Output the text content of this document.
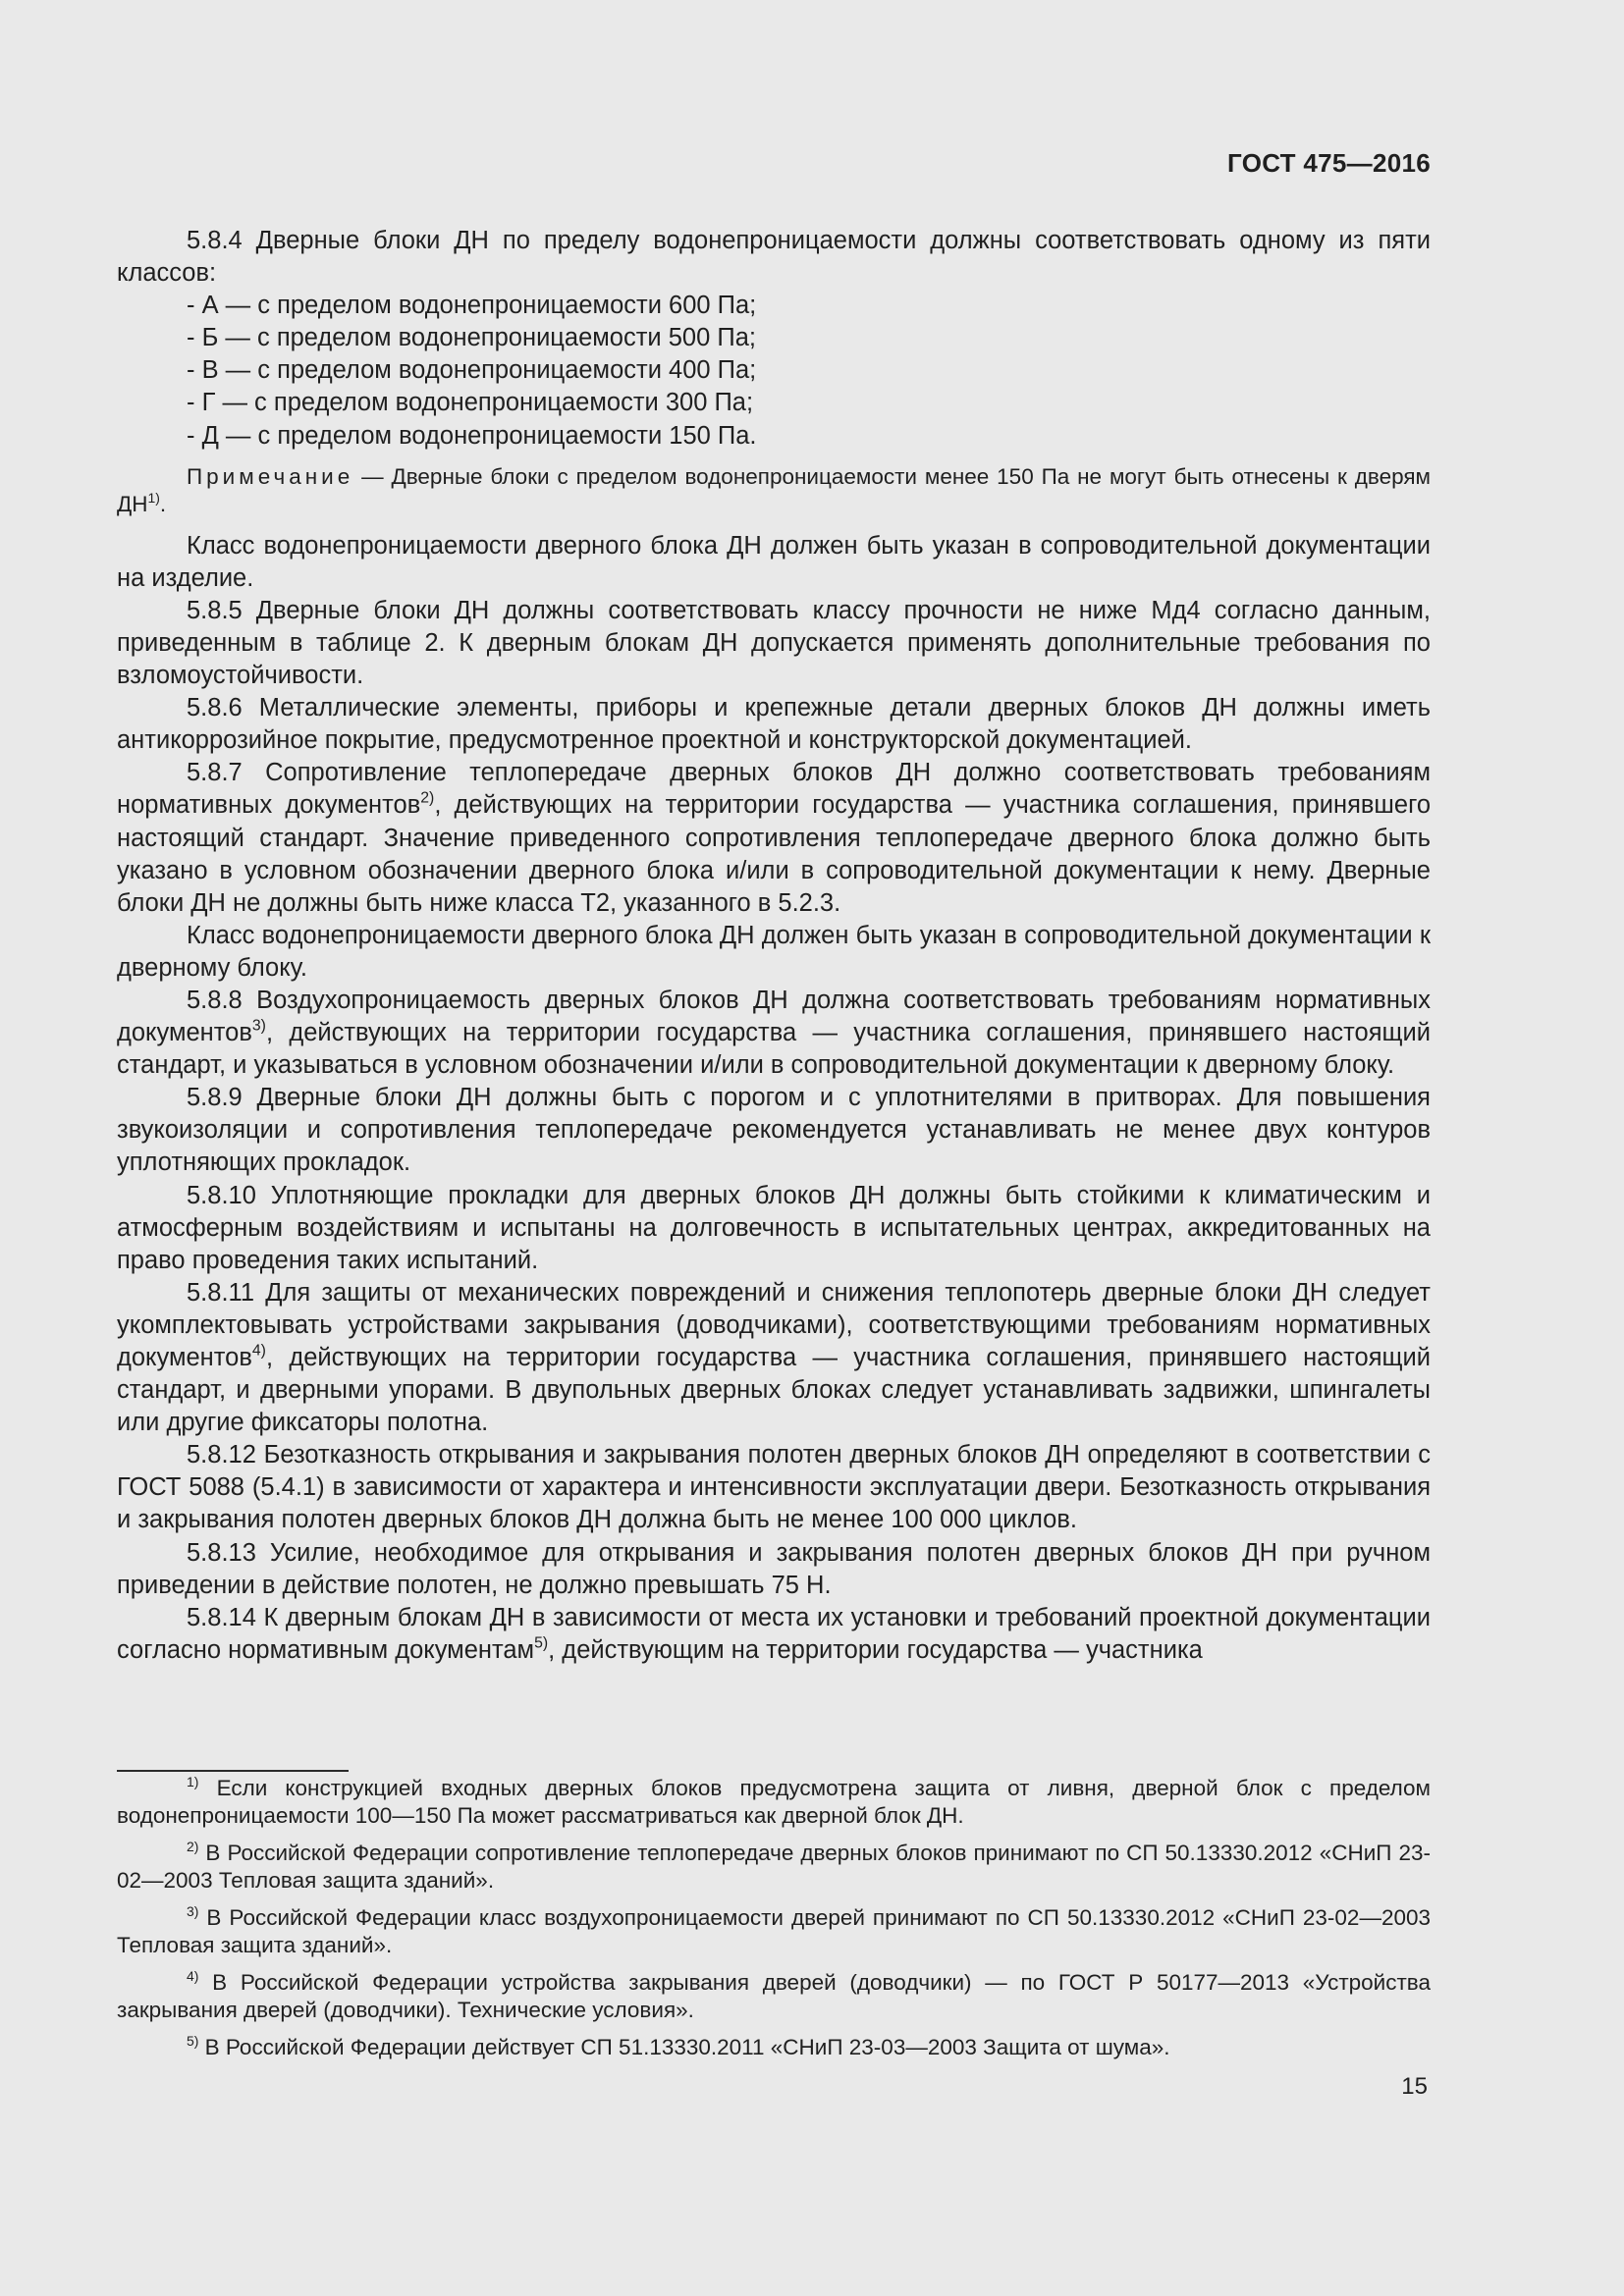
ГОСТ 475—2016

5.8.4 Дверные блоки ДН по пределу водонепроницаемости должны соответствовать одному из пяти классов:

- А — с пределом водонепроницаемости 600 Па;

- Б — с пределом водонепроницаемости 500 Па;

- В — с пределом водонепроницаемости 400 Па;

- Г — с пределом водонепроницаемости 300 Па;

- Д — с пределом водонепроницаемости 150 Па.

Примечание — Дверные блоки с пределом водонепроницаемости менее 150 Па не могут быть отнесены к дверям ДН$^{1)}$.

Класс водонепроницаемости дверного блока ДН должен быть указан в сопроводительной документации на изделие.

5.8.5 Дверные блоки ДН должны соответствовать классу прочности не ниже Мд4 согласно данным, приведенным в таблице 2. К дверным блокам ДН допускается применять дополнительные требования по взломоустойчивости.

5.8.6 Металлические элементы, приборы и крепежные детали дверных блоков ДН должны иметь антикоррозийное покрытие, предусмотренное проектной и конструкторской документацией.

5.8.7 Сопротивление теплопередаче дверных блоков ДН должно соответствовать требованиям нормативных документов$^{2)}$, действующих на территории государства — участника соглашения, принявшего настоящий стандарт. Значение приведенного сопротивления теплопередаче дверного блока должно быть указано в условном обозначении дверного блока и/или в сопроводительной документации к нему. Дверные блоки ДН не должны быть ниже класса Т2, указанного в 5.2.3.

Класс водонепроницаемости дверного блока ДН должен быть указан в сопроводительной документации к дверному блоку.

5.8.8 Воздухопроницаемость дверных блоков ДН должна соответствовать требованиям нормативных документов$^{3)}$, действующих на территории государства — участника соглашения, принявшего настоящий стандарт, и указываться в условном обозначении и/или в сопроводительной документации к дверному блоку.

5.8.9 Дверные блоки ДН должны быть с порогом и с уплотнителями в притворах. Для повышения звукоизоляции и сопротивления теплопередаче рекомендуется устанавливать не менее двух контуров уплотняющих прокладок.

5.8.10 Уплотняющие прокладки для дверных блоков ДН должны быть стойкими к климатическим и атмосферным воздействиям и испытаны на долговечность в испытательных центрах, аккредитованных на право проведения таких испытаний.

5.8.11 Для защиты от механических повреждений и снижения теплопотерь дверные блоки ДН следует укомплектовывать устройствами закрывания (доводчиками), соответствующими требованиям нормативных документов$^{4)}$, действующих на территории государства — участника соглашения, принявшего настоящий стандарт, и дверными упорами. В двупольных дверных блоках следует устанавливать задвижки, шпингалеты или другие фиксаторы полотна.

5.8.12 Безотказность открывания и закрывания полотен дверных блоков ДН определяют в соответствии с ГОСТ 5088 (5.4.1) в зависимости от характера и интенсивности эксплуатации двери. Безотказность открывания и закрывания полотен дверных блоков ДН должна быть не менее 100 000 циклов.

5.8.13 Усилие, необходимое для открывания и закрывания полотен дверных блоков ДН при ручном приведении в действие полотен, не должно превышать 75 Н.

5.8.14 К дверным блокам ДН в зависимости от места их установки и требований проектной документации согласно нормативным документам$^{5)}$, действующим на территории государства — участника

$^{1)}$ Если конструкцией входных дверных блоков предусмотрена защита от ливня, дверной блок с пределом водонепроницаемости 100—150 Па может рассматриваться как дверной блок ДН.

$^{2)}$ В Российской Федерации сопротивление теплопередаче дверных блоков принимают по СП 50.13330.2012 «СНиП 23-02—2003 Тепловая защита зданий».

$^{3)}$ В Российской Федерации класс воздухопроницаемости дверей принимают по СП 50.13330.2012 «СНиП 23-02—2003 Тепловая защита зданий».

$^{4)}$ В Российской Федерации устройства закрывания дверей (доводчики) — по ГОСТ Р 50177—2013 «Устройства закрывания дверей (доводчики). Технические условия».

$^{5)}$ В Российской Федерации действует СП 51.13330.2011 «СНиП 23-03—2003 Защита от шума».

15
